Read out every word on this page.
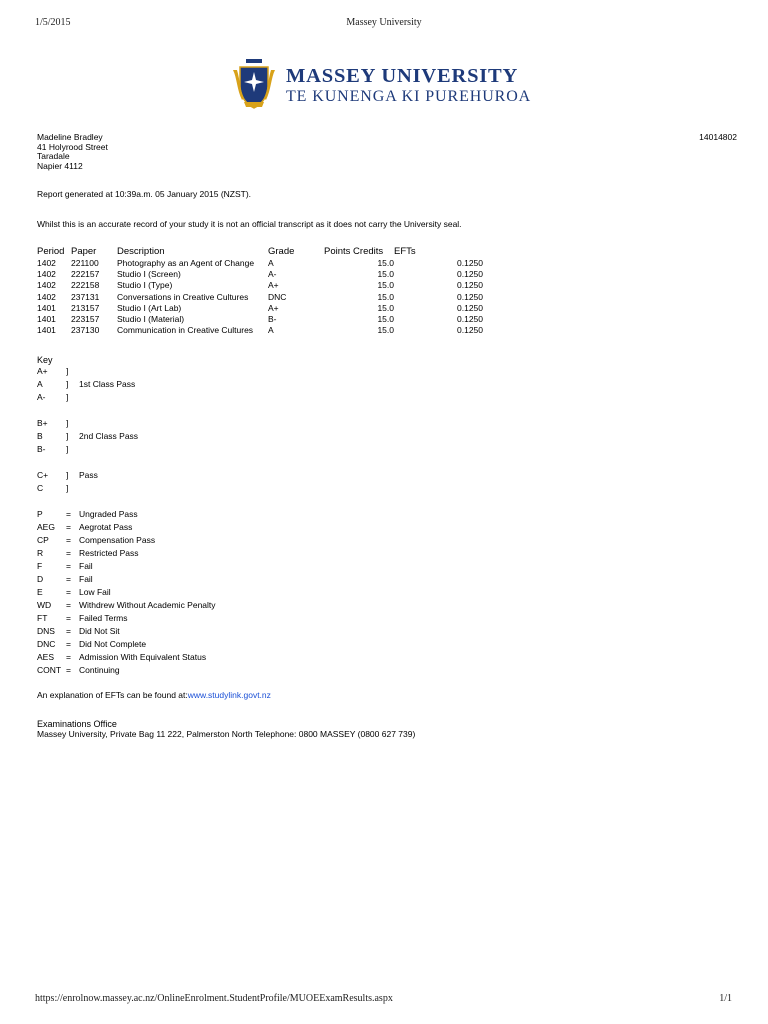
1/5/2015	Massey University
MASSEY UNIVERSITY
TE KUNENGA KI PUREHUROA
Madeline Bradley
41 Holyrood Street
Taradale
Napier 4112
14014802

Report generated at 10:39a.m. 05 January 2015 (NZST).

Whilst this is an accurate record of your study it is not an official transcript as it does not carry the University seal.

Period	Paper	Description	Grade	Points Credits	EFTs
1402	221100	Photography as an Agent of Change	A	15.0	0.1250
1402	222157	Studio I (Screen)	A-	15.0	0.1250
1402	222158	Studio I (Type)	A+	15.0	0.1250
1402	237131	Conversations in Creative Cultures	DNC	15.0	0.1250
1401	213157	Studio I (Art Lab)	A+	15.0	0.1250
1401	223157	Studio I (Material)	B-	15.0	0.1250
1401	237130	Communication in Creative Cultures	A	15.0	0.1250
Key
A+ ]
A	] 1st Class Pass
A- ]
B+ ]
B	] 2nd Class Pass
B- ]
C+ ] Pass
C	]
P	= Ungraded Pass
AEG = Aegrotat Pass
CP = Compensation Pass
R	= Restricted Pass
F	= Fail
D	= Fail
E	= Low Fail
WD = Withdrew Without Academic Penalty
FT = Failed Terms
DNS = Did Not Sit
DNC = Did Not Complete
AES = Admission With Equivalent Status
CONT = Continuing

An explanation of EFTs can be found at:www.studylink.govt.nz

Examinations Office
Massey University, Private Bag 11 222, Palmerston North Telephone: 0800 MASSEY (0800 627 739)
https://enrolnow.massey.ac.nz/OnlineEnrolment.StudentProfile/MUOEExamResults.aspx	1/1
